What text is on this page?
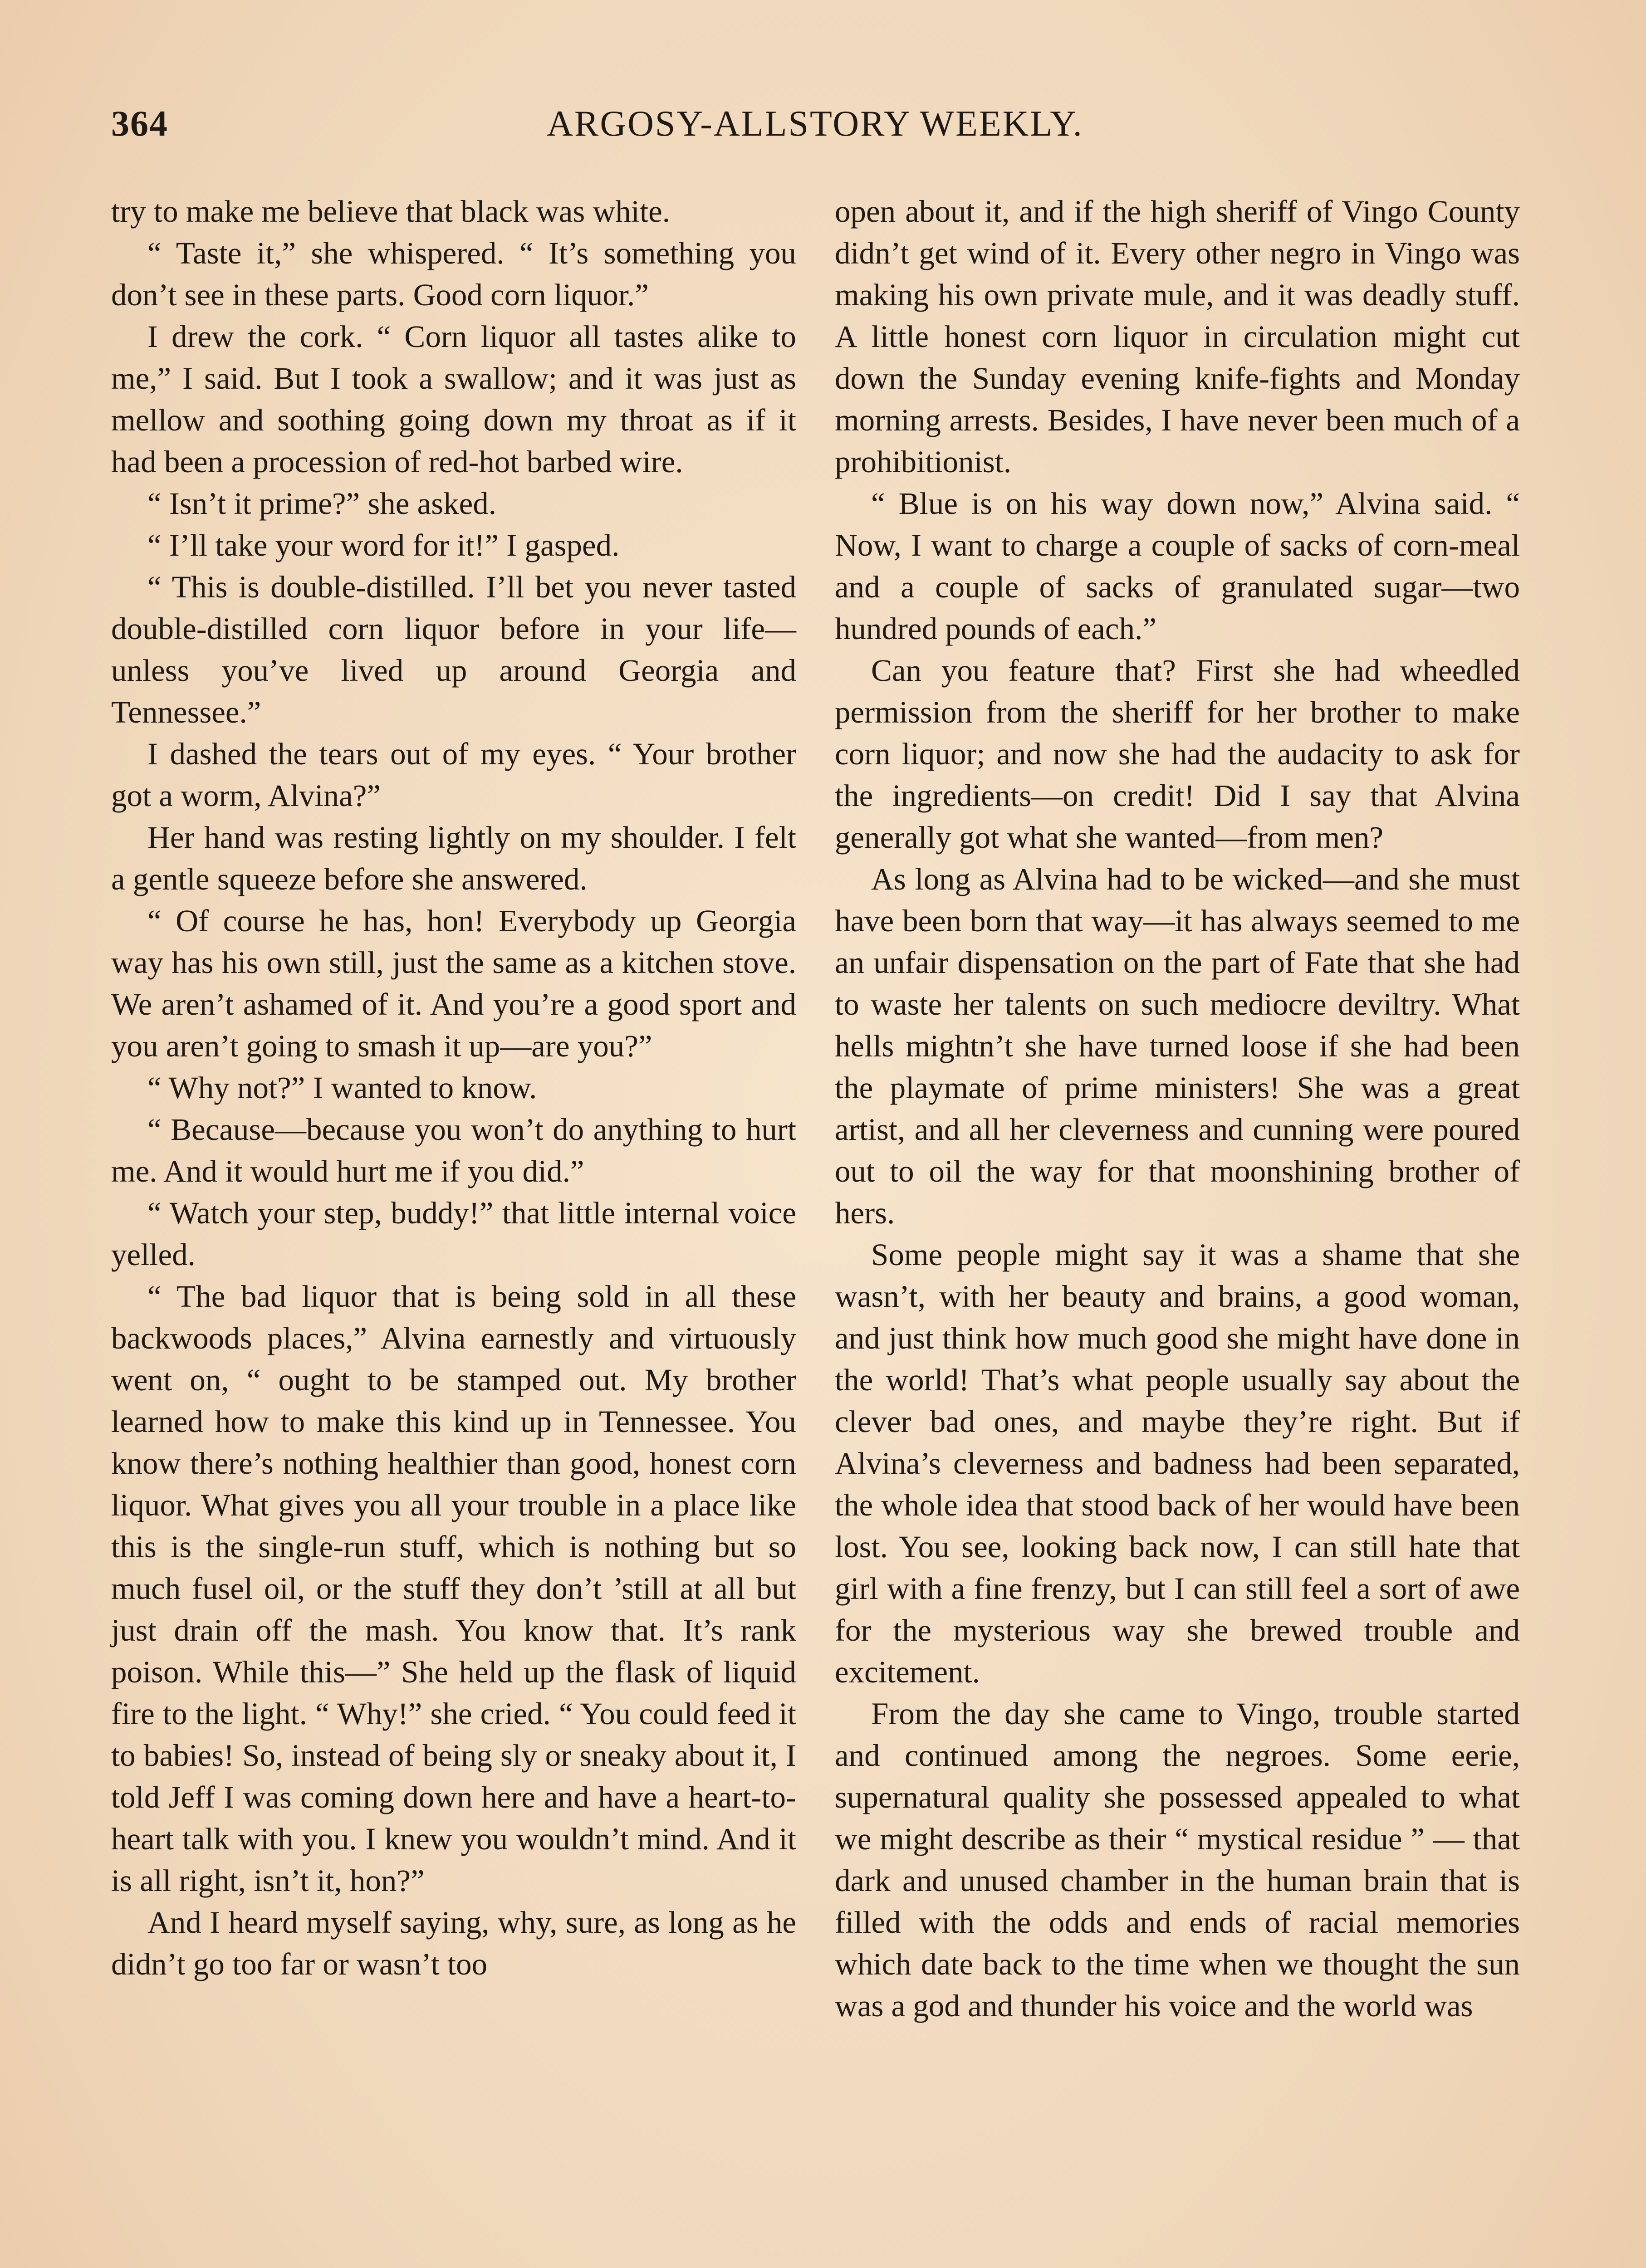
364	ARGOSY-ALLSTORY WEEKLY.

try to make me believe that black was white.

“ Taste it,” she whispered. “ It’s something you don’t see in these parts. Good corn liquor.”

I drew the cork. “ Corn liquor all tastes alike to me,” I said. But I took a swallow; and it was just as mellow and soothing going down my throat as if it had been a procession of red-hot barbed wire.

“ Isn’t it prime?” she asked.

“ I’ll take your word for it!” I gasped.

“ This is double-distilled. I’ll bet you never tasted double-distilled corn liquor before in your life—unless you’ve lived up around Georgia and Tennessee.”

I dashed the tears out of my eyes. “ Your brother got a worm, Alvina?”

Her hand was resting lightly on my shoulder. I felt a gentle squeeze before she answered.

“ Of course he has, hon! Everybody up Georgia way has his own still, just the same as a kitchen stove. We aren’t ashamed of it. And you’re a good sport and you aren’t going to smash it up—are you?”

“ Why not?” I wanted to know.

“ Because—because you won’t do anything to hurt me. And it would hurt me if you did.”

“ Watch your step, buddy!” that little internal voice yelled.

“ The bad liquor that is being sold in all these backwoods places,” Alvina earnestly and virtuously went on, “ ought to be stamped out. My brother learned how to make this kind up in Tennessee. You know there’s nothing healthier than good, honest corn liquor. What gives you all your trouble in a place like this is the single-run stuff, which is nothing but so much fusel oil, or the stuff they don’t ’still at all but just drain off the mash. You know that. It’s rank poison. While this—” She held up the flask of liquid fire to the light. “ Why!” she cried. “ You could feed it to babies! So, instead of being sly or sneaky about it, I told Jeff I was coming down here and have a heart-to-heart talk with you. I knew you wouldn’t mind. And it is all right, isn’t it, hon?”

And I heard myself saying, why, sure, as long as he didn’t go too far or wasn’t too

open about it, and if the high sheriff of Vingo County didn’t get wind of it. Every other negro in Vingo was making his own private mule, and it was deadly stuff. A little honest corn liquor in circulation might cut down the Sunday evening knife-fights and Monday morning arrests. Besides, I have never been much of a prohibitionist.

“ Blue is on his way down now,” Alvina said. “ Now, I want to charge a couple of sacks of corn-meal and a couple of sacks of granulated sugar—two hundred pounds of each.”

Can you feature that? First she had wheedled permission from the sheriff for her brother to make corn liquor; and now she had the audacity to ask for the ingredients—on credit! Did I say that Alvina generally got what she wanted—from men?

As long as Alvina had to be wicked—and she must have been born that way—it has always seemed to me an unfair dispensation on the part of Fate that she had to waste her talents on such mediocre deviltry. What hells mightn’t she have turned loose if she had been the playmate of prime ministers! She was a great artist, and all her cleverness and cunning were poured out to oil the way for that moonshining brother of hers.

Some people might say it was a shame that she wasn’t, with her beauty and brains, a good woman, and just think how much good she might have done in the world! That’s what people usually say about the clever bad ones, and maybe they’re right. But if Alvina’s cleverness and badness had been separated, the whole idea that stood back of her would have been lost. You see, looking back now, I can still hate that girl with a fine frenzy, but I can still feel a sort of awe for the mysterious way she brewed trouble and excitement.

From the day she came to Vingo, trouble started and continued among the negroes. Some eerie, supernatural quality she possessed appealed to what we might describe as their “ mystical residue ” — that dark and unused chamber in the human brain that is filled with the odds and ends of racial memories which date back to the time when we thought the sun was a god and thunder his voice and the world was
